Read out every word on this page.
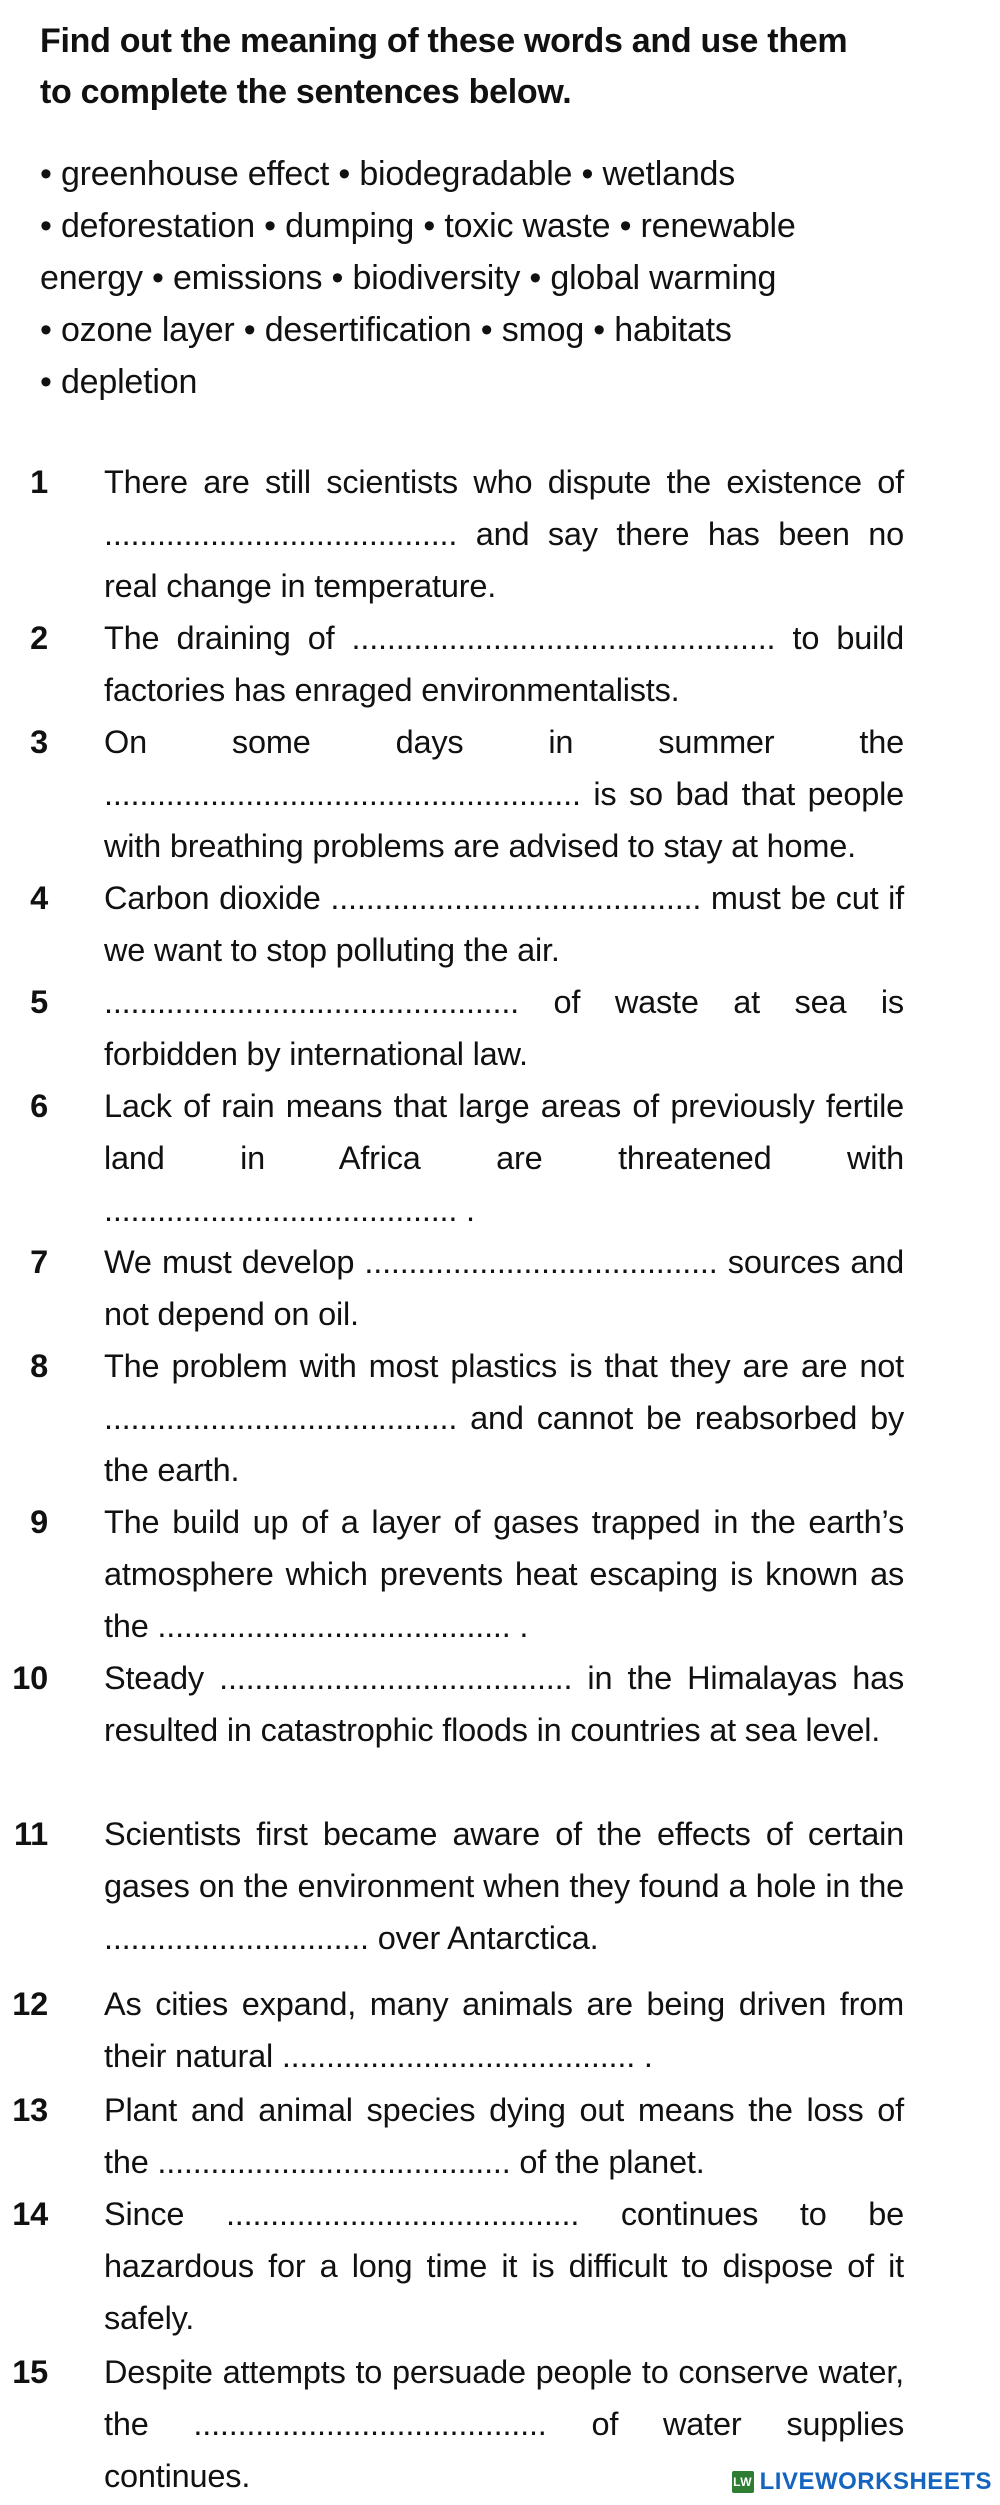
Find out the meaning of these words and use them
to complete the sentences below.
• greenhouse effect • biodegradable • wetlands
• deforestation • dumping • toxic waste • renewable
energy • emissions • biodiversity • global warming
• ozone layer • desertification • smog • habitats
• depletion
1 There are still scientists who dispute the existence of ........................................ and say there has been no real change in temperature.
2 The draining of ................................................ to build factories has enraged environmentalists.
3 On some days in summer the ...................................................... is so bad that people with breathing problems are advised to stay at home.
4 Carbon dioxide .......................................... must be cut if we want to stop polluting the air.
5 ............................................... of waste at sea is forbidden by international law.
6 Lack of rain means that large areas of previously fertile land in Africa are threatened with ........................................ .
7 We must develop ........................................ sources and not depend on oil.
8 The problem with most plastics is that they are are not ........................................ and cannot be reabsorbed by the earth.
9 The build up of a layer of gases trapped in the earth’s atmosphere which prevents heat escaping is known as the ........................................ .
10 Steady ........................................ in the Himalayas has resulted in catastrophic floods in countries at sea level.
11 Scientists first became aware of the effects of certain gases on the environment when they found a hole in the .............................. over Antarctica.
12 As cities expand, many animals are being driven from their natural ........................................ .
13 Plant and animal species dying out means the loss of the ........................................ of the planet.
14 Since ........................................ continues to be hazardous for a long time it is difficult to dispose of it safely.
15 Despite attempts to persuade people to conserve water, the ........................................ of water supplies continues.	LW LIVEWORKSHEETS
